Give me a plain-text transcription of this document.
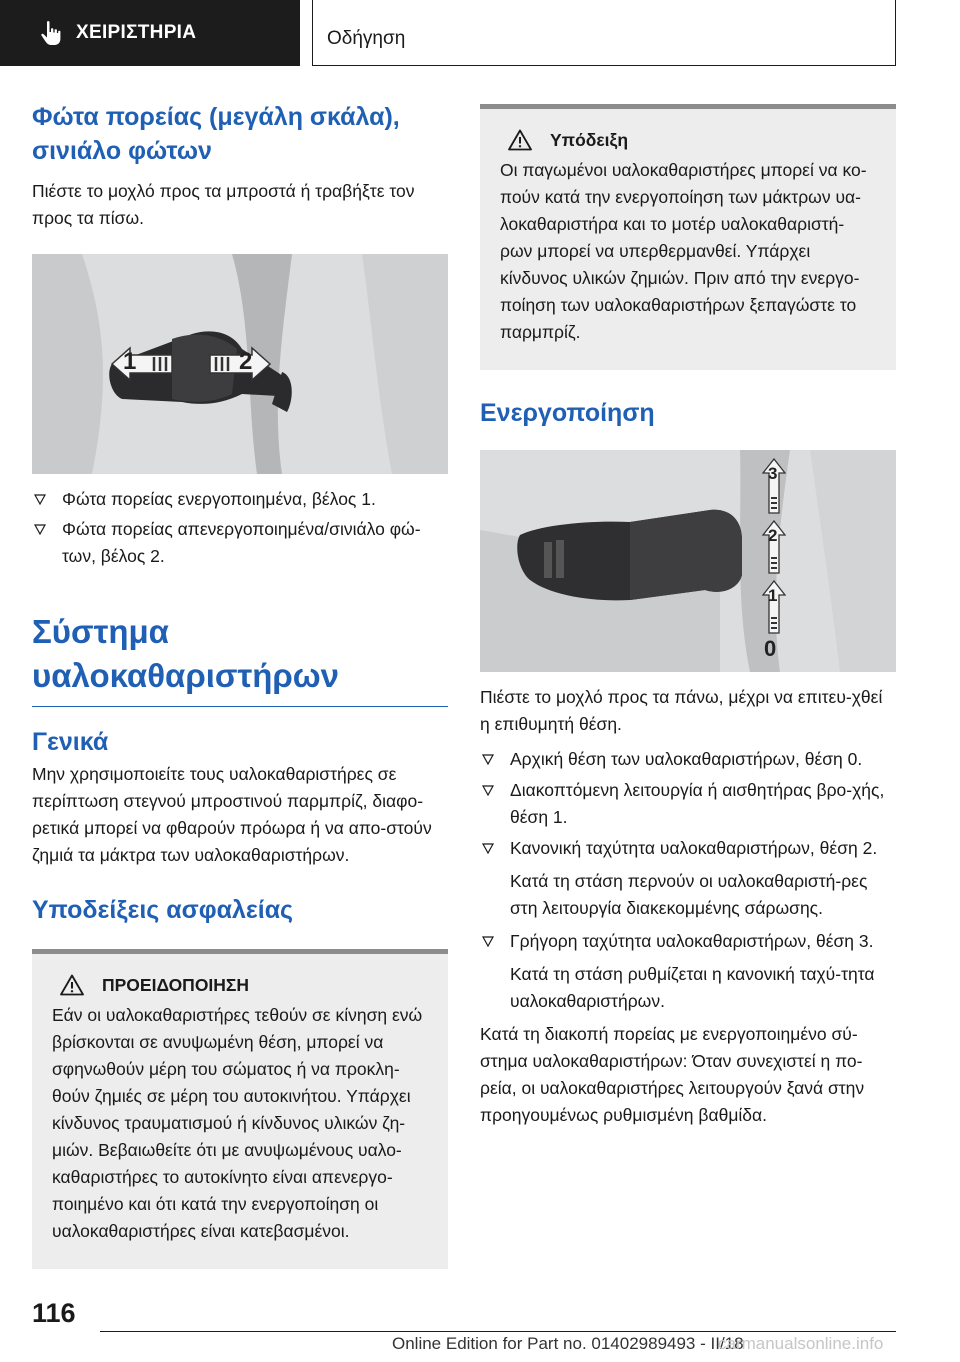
ΧΕΙΡΙΣΤΗΡΙΑ	Οδήγηση
Φώτα πορείας (μεγάλη σκάλα), σινιάλο φώτων
Πιέστε το μοχλό προς τα μπροστά ή τραβήξτε τον προς τα πίσω.
1	2
Φώτα πορείας ενεργοποιημένα, βέλος 1.
Φώτα πορείας απενεργοποιημένα/σινιάλο φώ-των, βέλος 2.
Σύστημα υαλοκαθαριστήρων
Γενικά
Μην χρησιμοποιείτε τους υαλοκαθαριστήρες σε περίπτωση στεγνού μπροστινού παρμπρίζ, διαφο-ρετικά μπορεί να φθαρούν πρόωρα ή να απο-στούν ζημιά τα μάκτρα των υαλοκαθαριστήρων.
Υποδείξεις ασφαλείας
ΠΡΟΕΙΔΟΠΟΙΗΣΗ
Εάν οι υαλοκαθαριστήρες τεθούν σε κίνηση ενώ βρίσκονται σε ανυψωμένη θέση, μπορεί να σφηνωθούν μέρη του σώματος ή να προκλη-θούν ζημιές σε μέρη του αυτοκινήτου. Υπάρχει κίνδυνος τραυματισμού ή κίνδυνος υλικών ζη-μιών. Βεβαιωθείτε ότι με ανυψωμένους υαλο-καθαριστήρες το αυτοκίνητο είναι απενεργο-ποιημένο και ότι κατά την ενεργοποίηση οι υαλοκαθαριστήρες είναι κατεβασμένοι.
Υπόδειξη
Οι παγωμένοι υαλοκαθαριστήρες μπορεί να κο-πούν κατά την ενεργοποίηση των μάκτρων υα-λοκαθαριστήρα και το μοτέρ υαλοκαθαριστή-ρων μπορεί να υπερθερμανθεί. Υπάρχει κίνδυνος υλικών ζημιών. Πριν από την ενεργο-ποίηση των υαλοκαθαριστήρων ξεπαγώστε το παρμπρίζ.
Ενεργοποίηση
3
2
1
0
Πιέστε το μοχλό προς τα πάνω, μέχρι να επιτευ-χθεί η επιθυμητή θέση.
Αρχική θέση των υαλοκαθαριστήρων, θέση 0.
Διακοπτόμενη λειτουργία ή αισθητήρας βρο-χής, θέση 1.
Κανονική ταχύτητα υαλοκαθαριστήρων, θέση 2.
Κατά τη στάση περνούν οι υαλοκαθαριστή-ρες στη λειτουργία διακεκομμένης σάρωσης.
Γρήγορη ταχύτητα υαλοκαθαριστήρων, θέση 3.
Κατά τη στάση ρυθμίζεται η κανονική ταχύ-τητα υαλοκαθαριστήρων.
Κατά τη διακοπή πορείας με ενεργοποιημένο σύ-στημα υαλοκαθαριστήρων: Όταν συνεχιστεί η πο-ρεία, οι υαλοκαθαριστήρες λειτουργούν ξανά στην προηγουμένως ρυθμισμένη βαθμίδα.
116
Online Edition for Part no. 01402989493 - II/18
carmanualsonline.info
